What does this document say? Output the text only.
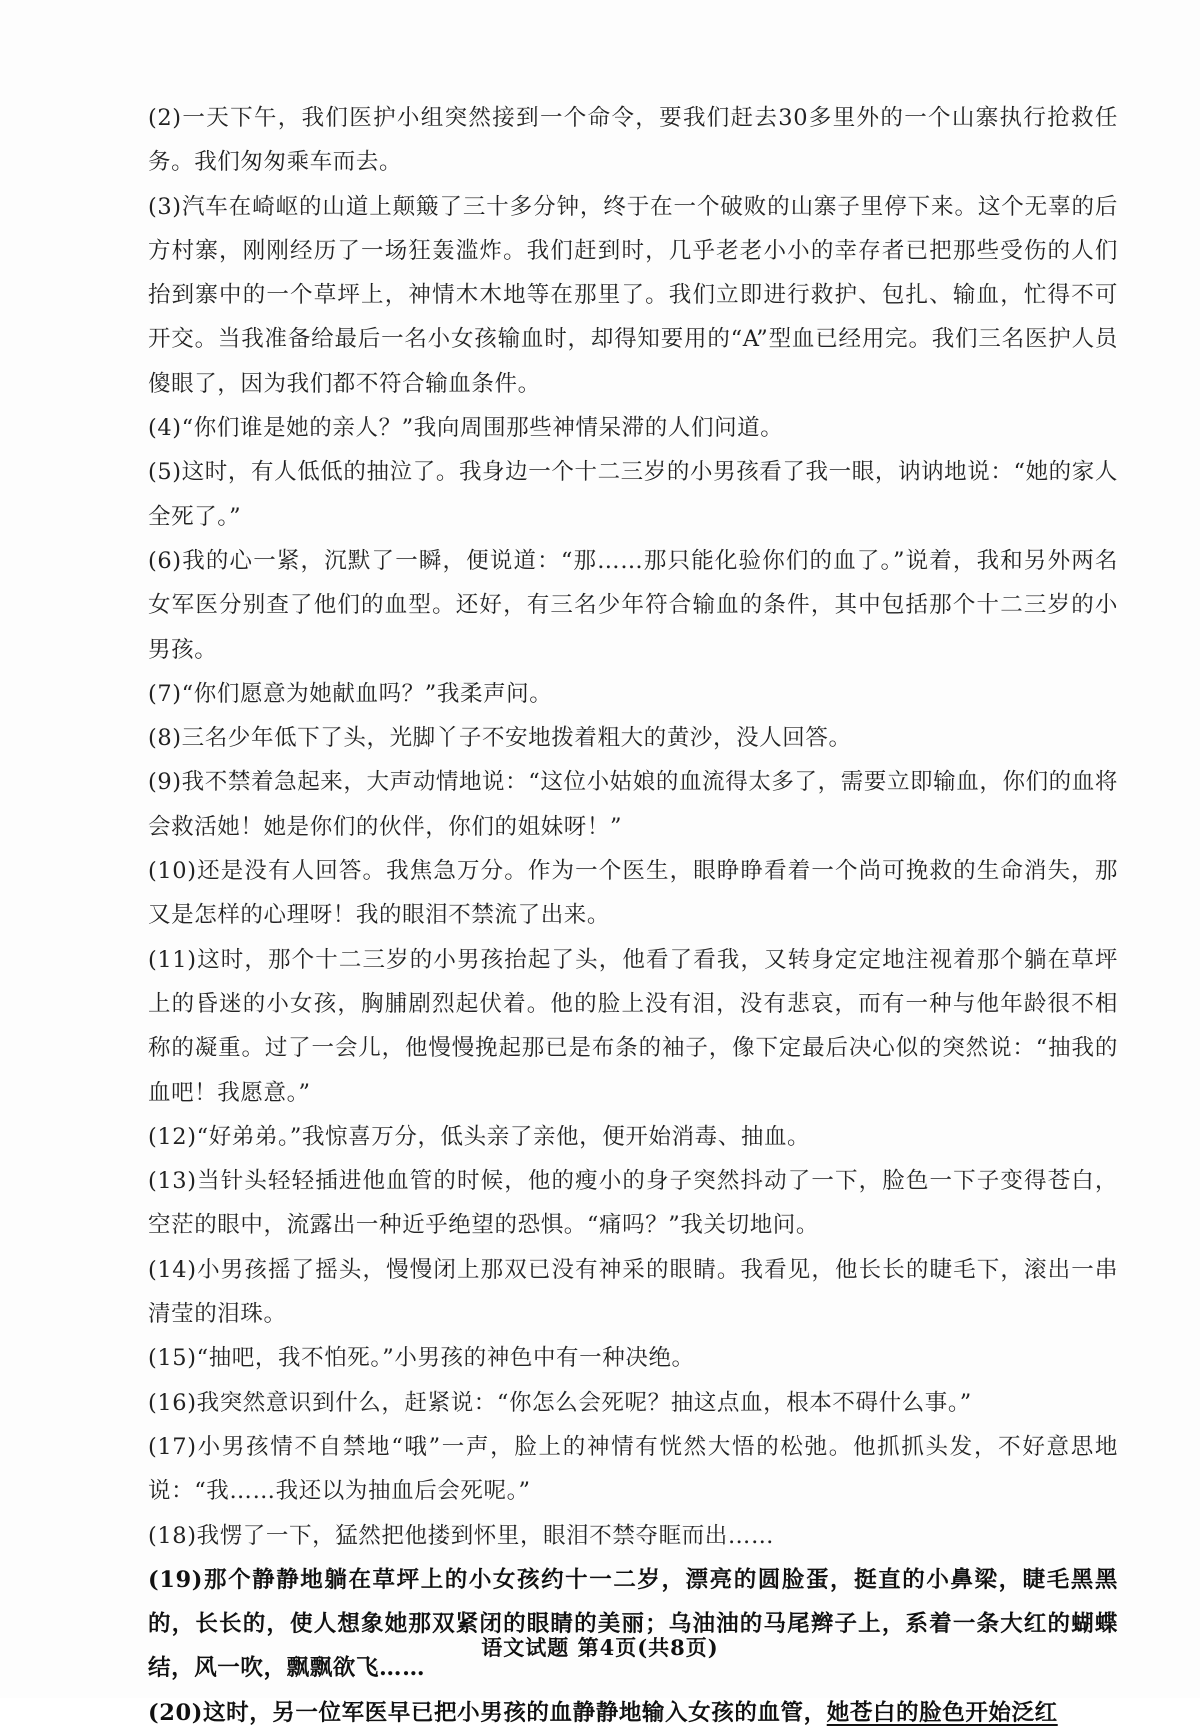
(2)一天下午，我们医护小组突然接到一个命令，要我们赶去30多里外的一个山寨执行抢救任务。我们匆匆乘车而去。

(3)汽车在崎岖的山道上颠簸了三十多分钟，终于在一个破败的山寨子里停下来。这个无辜的后方村寨，刚刚经历了一场狂轰滥炸。我们赶到时，几乎老老小小的幸存者已把那些受伤的人们抬到寨中的一个草坪上，神情木木地等在那里了。我们立即进行救护、包扎、输血，忙得不可开交。当我准备给最后一名小女孩输血时，却得知要用的“A”型血已经用完。我们三名医护人员傻眼了，因为我们都不符合输血条件。

(4)“你们谁是她的亲人？”我向周围那些神情呆滞的人们问道。

(5)这时，有人低低的抽泣了。我身边一个十二三岁的小男孩看了我一眼，讷讷地说：“她的家人全死了。”

(6)我的心一紧，沉默了一瞬，便说道：“那……那只能化验你们的血了。”说着，我和另外两名女军医分别查了他们的血型。还好，有三名少年符合输血的条件，其中包括那个十二三岁的小男孩。

(7)“你们愿意为她献血吗？”我柔声问。

(8)三名少年低下了头，光脚丫子不安地拨着粗大的黄沙，没人回答。

(9)我不禁着急起来，大声动情地说：“这位小姑娘的血流得太多了，需要立即输血，你们的血将会救活她！她是你们的伙伴，你们的姐妹呀！”

(10)还是没有人回答。我焦急万分。作为一个医生，眼睁睁看着一个尚可挽救的生命消失，那又是怎样的心理呀！我的眼泪不禁流了出来。

(11)这时，那个十二三岁的小男孩抬起了头，他看了看我，又转身定定地注视着那个躺在草坪上的昏迷的小女孩，胸脯剧烈起伏着。他的脸上没有泪，没有悲哀，而有一种与他年龄很不相称的凝重。过了一会儿，他慢慢挽起那已是布条的袖子，像下定最后决心似的突然说：“抽我的血吧！我愿意。”

(12)“好弟弟。”我惊喜万分，低头亲了亲他，便开始消毒、抽血。

(13)当针头轻轻插进他血管的时候，他的瘦小的身子突然抖动了一下，脸色一下子变得苍白，空茫的眼中，流露出一种近乎绝望的恐惧。“痛吗？”我关切地问。

(14)小男孩摇了摇头，慢慢闭上那双已没有神采的眼睛。我看见，他长长的睫毛下，滚出一串清莹的泪珠。

(15)“抽吧，我不怕死。”小男孩的神色中有一种决绝。

(16)我突然意识到什么，赶紧说：“你怎么会死呢？抽这点血，根本不碍什么事。”

(17)小男孩情不自禁地“哦”一声，脸上的神情有恍然大悟的松弛。他抓抓头发，不好意思地说：“我……我还以为抽血后会死呢。”

(18)我愣了一下，猛然把他搂到怀里，眼泪不禁夺眶而出……

(19)那个静静地躺在草坪上的小女孩约十一二岁，漂亮的圆脸蛋，挺直的小鼻梁，睫毛黑黑的，长长的，使人想象她那双紧闭的眼睛的美丽；乌油油的马尾辫子上，系着一条大红的蝴蝶结，风一吹，飘飘欲飞……

(20)这时，另一位军医早已把小男孩的血静静地输入女孩的血管，她苍白的脸色开始泛红

语文试题 第4页(共8页)
